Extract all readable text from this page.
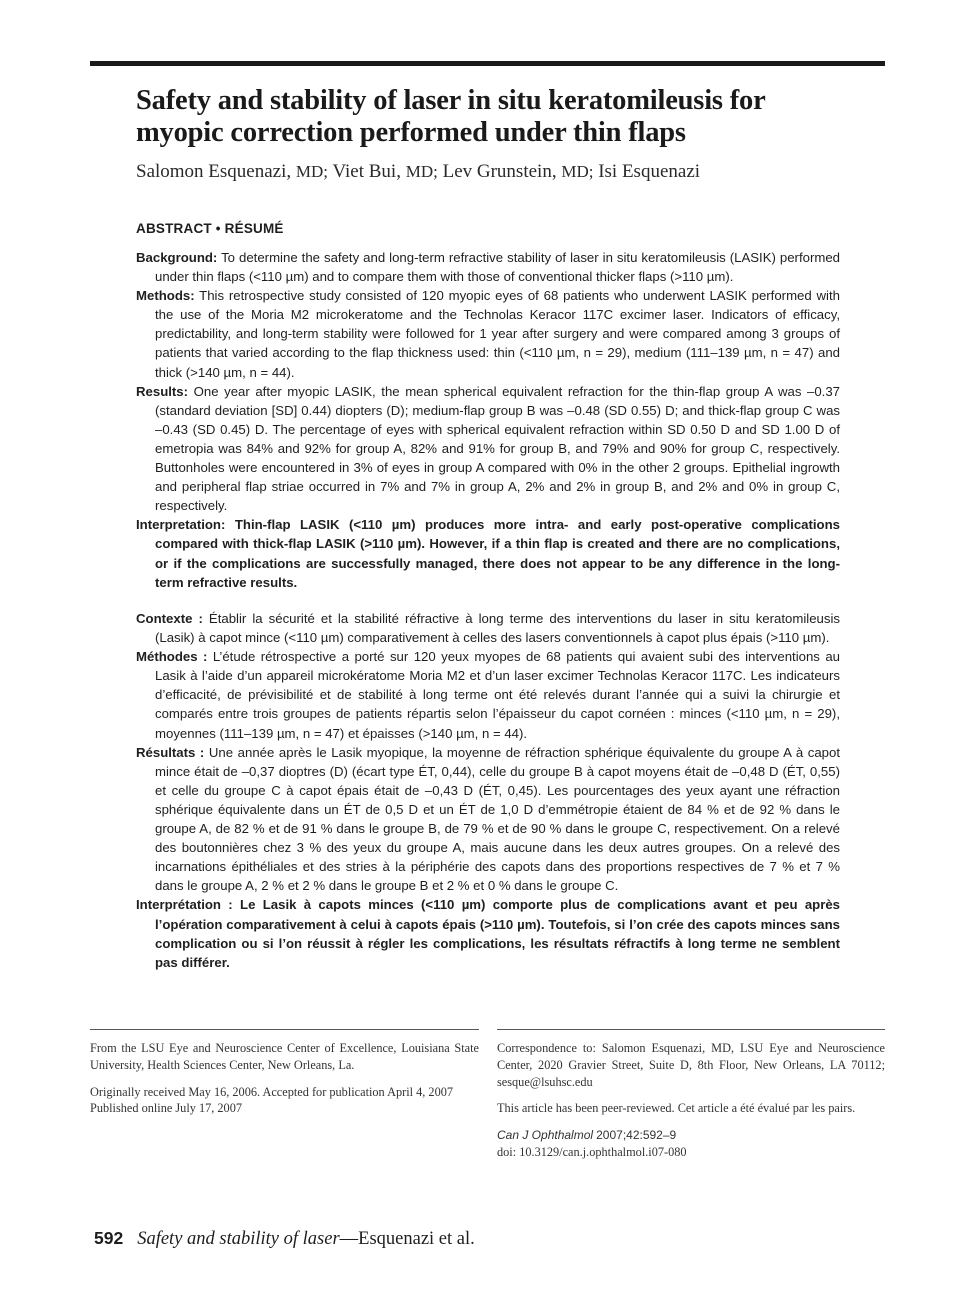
Safety and stability of laser in situ keratomileusis for myopic correction performed under thin flaps
Salomon Esquenazi, MD; Viet Bui, MD; Lev Grunstein, MD; Isi Esquenazi
ABSTRACT • RÉSUMÉ

Background: To determine the safety and long-term refractive stability of laser in situ keratomileusis (LASIK) performed under thin flaps (<110 µm) and to compare them with those of conventional thicker flaps (>110 µm).

Methods: This retrospective study consisted of 120 myopic eyes of 68 patients who underwent LASIK performed with the use of the Moria M2 microkeratome and the Technolas Keracor 117C excimer laser. Indicators of efficacy, predictability, and long-term stability were followed for 1 year after surgery and were compared among 3 groups of patients that varied according to the flap thickness used: thin (<110 µm, n = 29), medium (111–139 µm, n = 47) and thick (>140 µm, n = 44).

Results: One year after myopic LASIK, the mean spherical equivalent refraction for the thin-flap group A was –0.37 (standard deviation [SD] 0.44) diopters (D); medium-flap group B was –0.48 (SD 0.55) D; and thick-flap group C was –0.43 (SD 0.45) D. The percentage of eyes with spherical equivalent refraction within SD 0.50 D and SD 1.00 D of emetropia was 84% and 92% for group A, 82% and 91% for group B, and 79% and 90% for group C, respectively. Buttonholes were encountered in 3% of eyes in group A compared with 0% in the other 2 groups. Epithelial ingrowth and peripheral flap striae occurred in 7% and 7% in group A, 2% and 2% in group B, and 2% and 0% in group C, respectively.

Interpretation: Thin-flap LASIK (<110 µm) produces more intra- and early post-operative complications compared with thick-flap LASIK (>110 µm). However, if a thin flap is created and there are no complications, or if the complications are successfully managed, there does not appear to be any difference in the long-term refractive results.

Contexte : Établir la sécurité et la stabilité réfractive à long terme des interventions du laser in situ keratomileusis (Lasik) à capot mince (<110 µm) comparativement à celles des lasers conventionnels à capot plus épais (>110 µm).

Méthodes : L’étude rétrospective a porté sur 120 yeux myopes de 68 patients qui avaient subi des interventions au Lasik à l’aide d’un appareil microkératome Moria M2 et d’un laser excimer Technolas Keracor 117C. Les indicateurs d’efficacité, de prévisibilité et de stabilité à long terme ont été relevés durant l’année qui a suivi la chirurgie et comparés entre trois groupes de patients répartis selon l’épaisseur du capot cornéen : minces (<110 µm, n = 29), moyennes (111–139 µm, n = 47) et épaisses (>140 µm, n = 44).

Résultats : Une année après le Lasik myopique, la moyenne de réfraction sphérique équivalente du groupe A à capot mince était de –0,37 dioptres (D) (écart type ÉT, 0,44), celle du groupe B à capot moyens était de –0,48 D (ÉT, 0,55) et celle du groupe C à capot épais était de –0,43 D (ÉT, 0,45). Les pourcentages des yeux ayant une réfraction sphérique équivalente dans un ÉT de 0,5 D et un ÉT de 1,0 D d’emmétropie étaient de 84 % et de 92 % dans le groupe A, de 82 % et de 91 % dans le groupe B, de 79 % et de 90 % dans le groupe C, respectivement. On a relevé des boutonnières chez 3 % des yeux du groupe A, mais aucune dans les deux autres groupes. On a relevé des incarnations épithéliales et des stries à la périphérie des capots dans des proportions respectives de 7 % et 7 % dans le groupe A, 2 % et 2 % dans le groupe B et 2 % et 0 % dans le groupe C.

Interprétation : Le Lasik à capots minces (<110 µm) comporte plus de complications avant et peu après l’opération comparativement à celui à capots épais (>110 µm). Toutefois, si l’on crée des capots minces sans complication ou si l’on réussit à régler les complications, les résultats réfractifs à long terme ne semblent pas différer.

From the LSU Eye and Neuroscience Center of Excellence, Louisiana State University, Health Sciences Center, New Orleans, La.

Originally received May 16, 2006. Accepted for publication April 4, 2007

Published online July 17, 2007

Correspondence to: Salomon Esquenazi, MD, LSU Eye and Neuroscience Center, 2020 Gravier Street, Suite D, 8th Floor, New Orleans, LA 70112; sesque@lsuhsc.edu

This article has been peer-reviewed. Cet article a été évalué par les pairs.

Can J Ophthalmol 2007;42:592–9

doi: 10.3129/can.j.ophthalmol.i07-080

592 Safety and stability of laser—Esquenazi et al.
